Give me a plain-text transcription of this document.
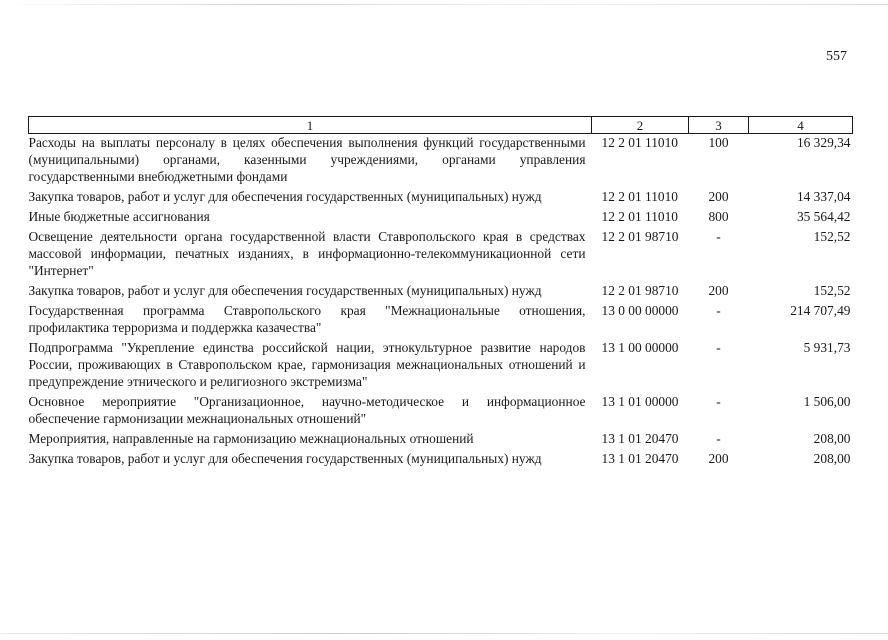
557
1	2	3	4
Расходы на выплаты персоналу в целях обеспечения выполнения функций государственными (муниципальными) органами, казенными учреждениями, органами управления государственными внебюджетными фондами	12 2 01 11010	100	16 329,34
Закупка товаров, работ и услуг для обеспечения государственных (муниципальных) нужд	12 2 01 11010	200	14 337,04
Иные бюджетные ассигнования	12 2 01 11010	800	35 564,42
Освещение деятельности органа государственной власти Ставропольского края в средствах массовой информации, печатных изданиях, в информационно-телекоммуникационной сети "Интернет"	12 2 01 98710	-	152,52
Закупка товаров, работ и услуг для обеспечения государственных (муниципальных) нужд	12 2 01 98710	200	152,52
Государственная программа Ставропольского края "Межнациональные отношения, профилактика терроризма и поддержка казачества"	13 0 00 00000	-	214 707,49
Подпрограмма "Укрепление единства российской нации, этнокультурное развитие народов России, проживающих в Ставропольском крае, гармонизация межнациональных отношений и предупреждение этнического и религиозного экстремизма"	13 1 00 00000	-	5 931,73
Основное мероприятие "Организационное, научно-методическое и информационное обеспечение гармонизации межнациональных отношений"	13 1 01 00000	-	1 506,00
Мероприятия, направленные на гармонизацию межнациональных отношений	13 1 01 20470	-	208,00
Закупка товаров, работ и услуг для обеспечения государственных (муниципальных) нужд	13 1 01 20470	200	208,00
